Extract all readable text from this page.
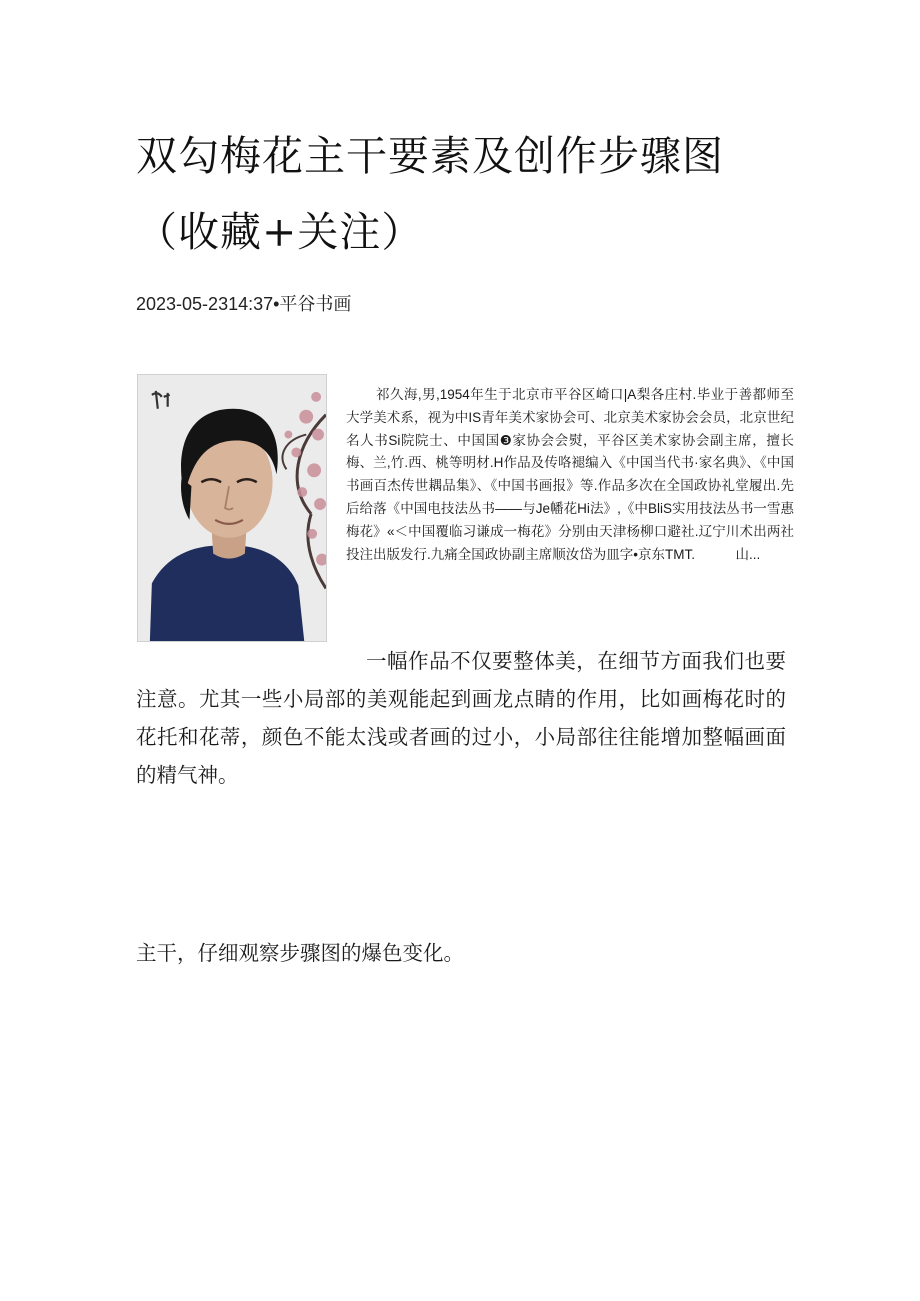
双勾梅花主干要素及创作步骤图（收藏+关注）
2023-05-2314:37•平谷书画

祁久海,男,1954年生于北京市平谷区崎口|A梨各庄村.毕业于善都师至大学美术系，视为中IS青年美术家协会可、北京美术家协会会员，北京世纪名人书Si院院士、中国国❸家协会会熨，平谷区美术家协会副主席，擅长梅、兰,竹.西、桃等明材.H作品及传咯褪编入《中国当代书·家名典》、《中国书画百杰传世耦品集》、《中国书画报》等.作品多次在全国政协礼堂履出.先后给落《中国电技法丛书——与Je幡花Hi法》,《中BliS实用技法丛书一雪惠梅花》«＜中国覆临习谦成一梅花》分别由天津杨柳口避社.辽宁川术出两社投注出版发行.九痛全国政协副主席顺汝岱为皿字•京东TMT.　　　山...

一幅作品不仅要整体美，在细节方面我们也要注意。尤其一些小局部的美观能起到画龙点睛的作用，比如画梅花时的花托和花蒂，颜色不能太浅或者画的过小，小局部往往能增加整幅画面的精气神。

主干，仔细观察步骤图的爆色变化。
